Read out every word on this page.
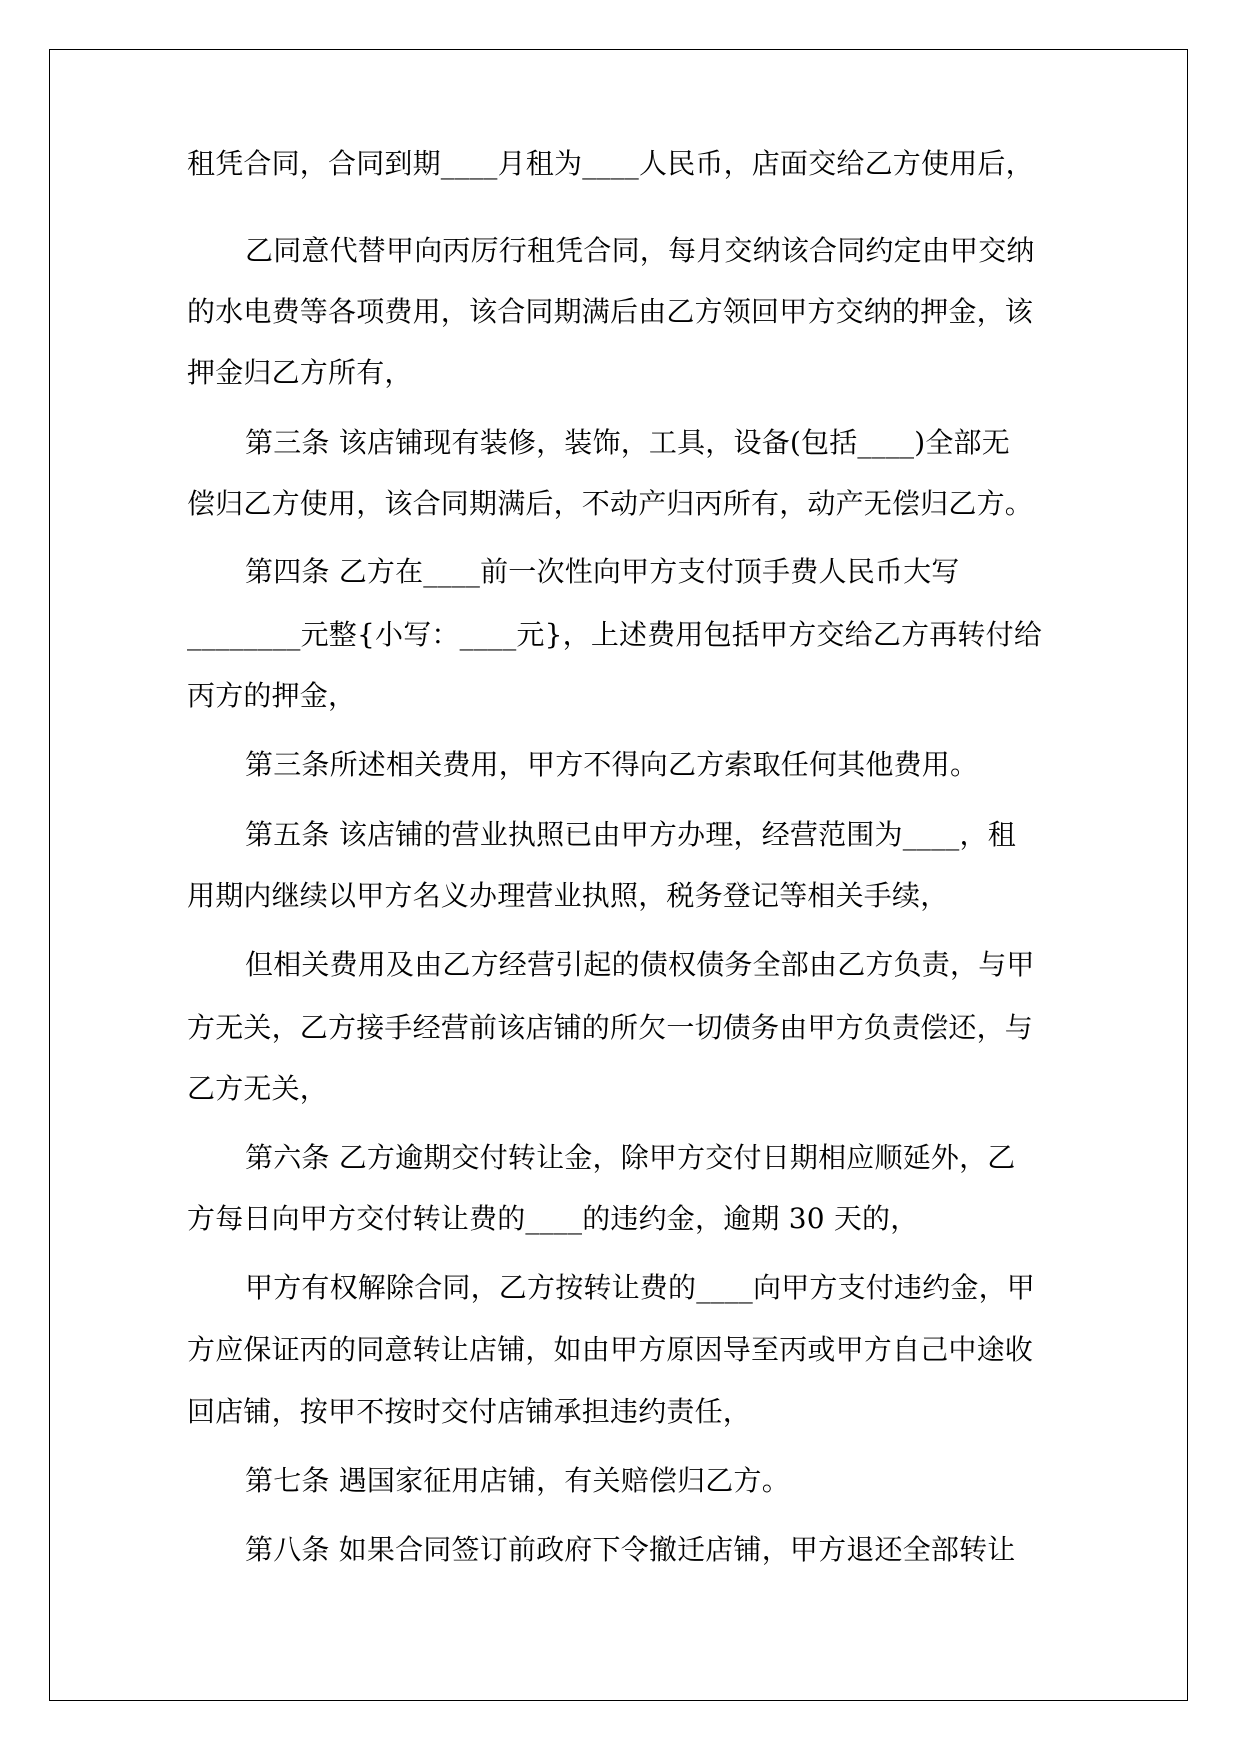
租凭合同，合同到期____月租为____人民币，店面交给乙方使用后，
乙同意代替甲向丙厉行租凭合同，每月交纳该合同约定由甲交纳
的水电费等各项费用，该合同期满后由乙方领回甲方交纳的押金，该
押金归乙方所有，
第三条 该店铺现有装修，装饰，工具，设备(包括____)全部无
偿归乙方使用，该合同期满后，不动产归丙所有，动产无偿归乙方。
第四条 乙方在____前一次性向甲方支付顶手费人民币大写
________元整{小写：____元}，上述费用包括甲方交给乙方再转付给
丙方的押金，
第三条所述相关费用，甲方不得向乙方索取任何其他费用。
第五条 该店铺的营业执照已由甲方办理，经营范围为____，租
用期内继续以甲方名义办理营业执照，税务登记等相关手续，
但相关费用及由乙方经营引起的债权债务全部由乙方负责，与甲
方无关，乙方接手经营前该店铺的所欠一切债务由甲方负责偿还，与
乙方无关，
第六条 乙方逾期交付转让金，除甲方交付日期相应顺延外，乙
方每日向甲方交付转让费的____的违约金，逾期 30 天的，
甲方有权解除合同，乙方按转让费的____向甲方支付违约金，甲
方应保证丙的同意转让店铺，如由甲方原因导至丙或甲方自己中途收
回店铺，按甲不按时交付店铺承担违约责任，
第七条 遇国家征用店铺，有关赔偿归乙方。
第八条 如果合同签订前政府下令撤迁店铺，甲方退还全部转让
